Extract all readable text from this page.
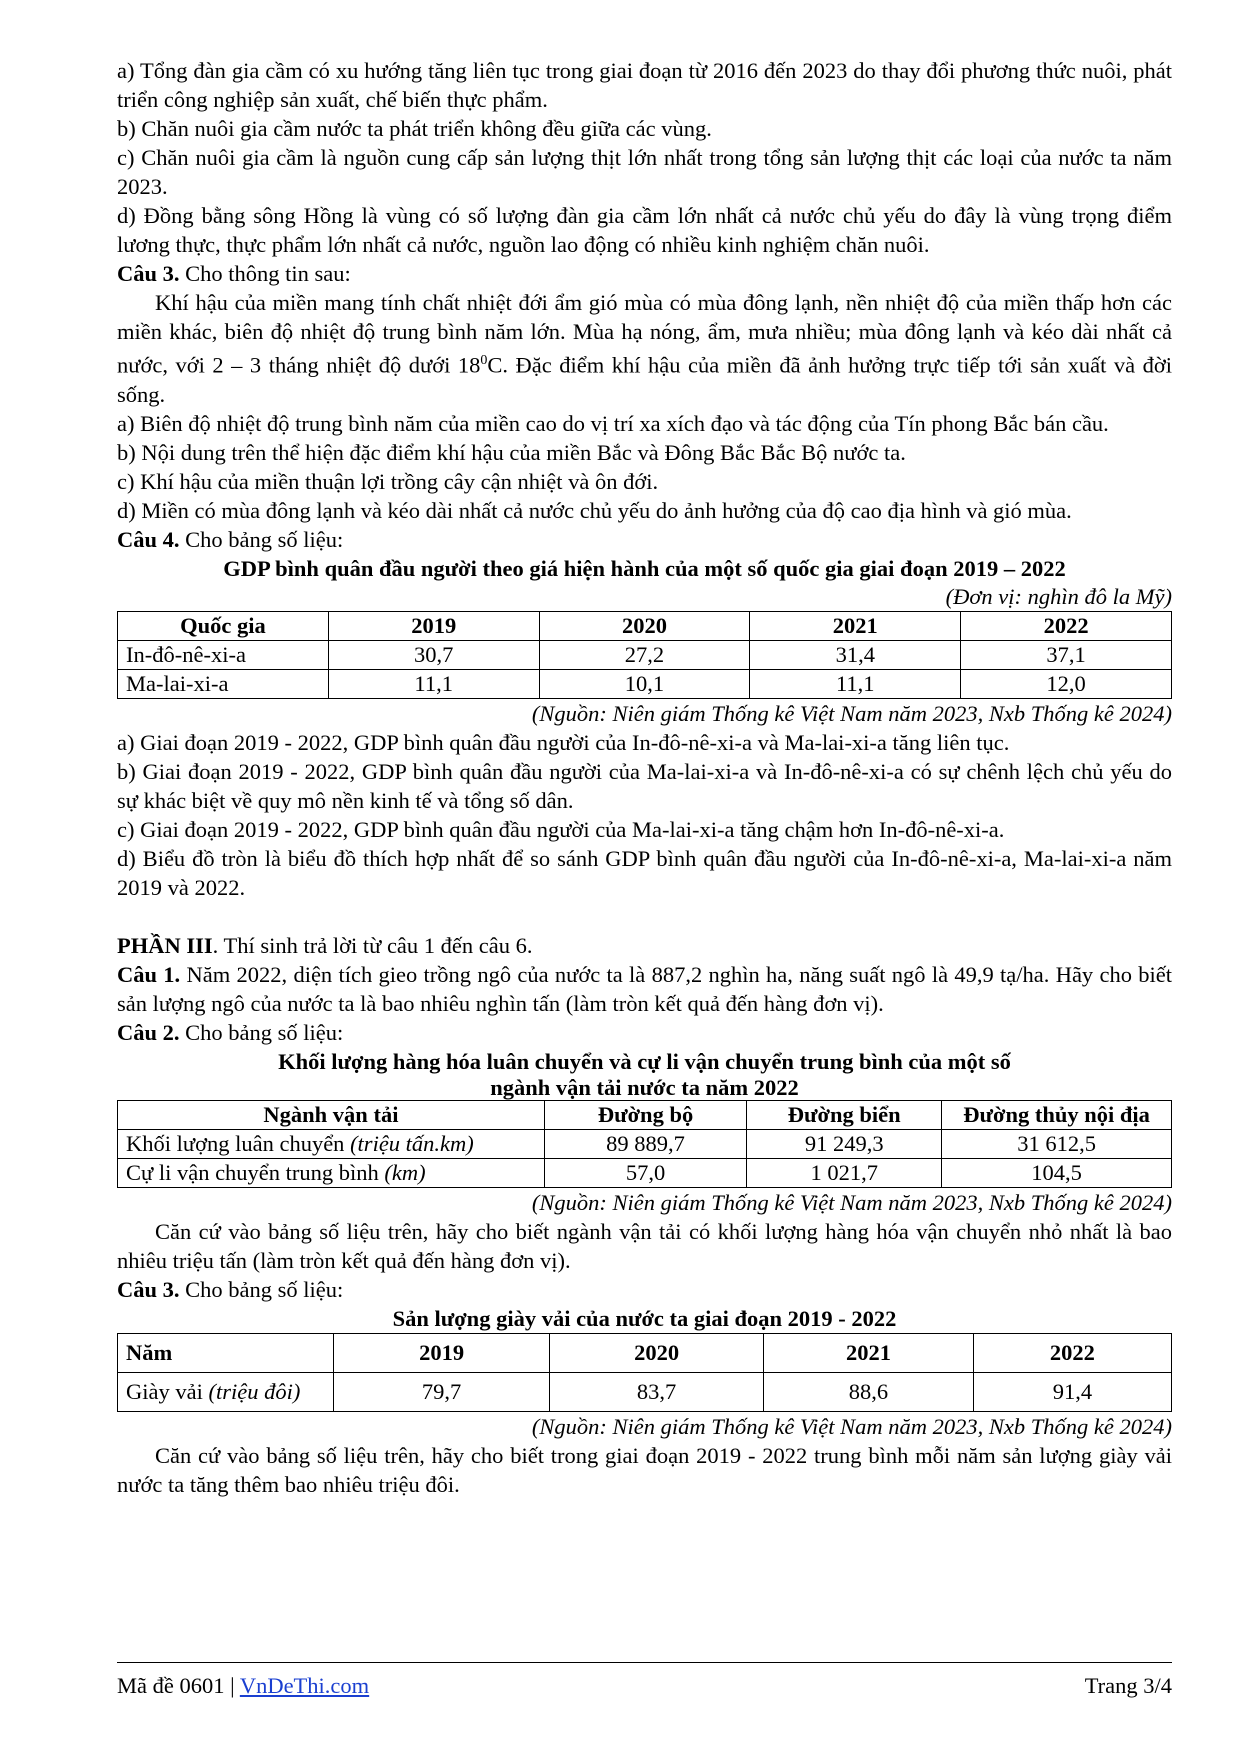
a) Tổng đàn gia cầm có xu hướng tăng liên tục trong giai đoạn từ 2016 đến 2023 do thay đổi phương thức nuôi, phát triển công nghiệp sản xuất, chế biến thực phẩm.

b) Chăn nuôi gia cầm nước ta phát triển không đều giữa các vùng.

c) Chăn nuôi gia cầm là nguồn cung cấp sản lượng thịt lớn nhất trong tổng sản lượng thịt các loại của nước ta năm 2023.

d) Đồng bằng sông Hồng là vùng có số lượng đàn gia cầm lớn nhất cả nước chủ yếu do đây là vùng trọng điểm lương thực, thực phẩm lớn nhất cả nước, nguồn lao động có nhiều kinh nghiệm chăn nuôi.

Câu 3. Cho thông tin sau:

Khí hậu của miền mang tính chất nhiệt đới ẩm gió mùa có mùa đông lạnh, nền nhiệt độ của miền thấp hơn các miền khác, biên độ nhiệt độ trung bình năm lớn. Mùa hạ nóng, ẩm, mưa nhiều; mùa đông lạnh và kéo dài nhất cả nước, với 2 – 3 tháng nhiệt độ dưới $18^0C$. Đặc điểm khí hậu của miền đã ảnh hưởng trực tiếp tới sản xuất và đời sống.

a) Biên độ nhiệt độ trung bình năm của miền cao do vị trí xa xích đạo và tác động của Tín phong Bắc bán cầu.

b) Nội dung trên thể hiện đặc điểm khí hậu của miền Bắc và Đông Bắc Bắc Bộ nước ta.

c) Khí hậu của miền thuận lợi trồng cây cận nhiệt và ôn đới.

d) Miền có mùa đông lạnh và kéo dài nhất cả nước chủ yếu do ảnh hưởng của độ cao địa hình và gió mùa.

Câu 4. Cho bảng số liệu:

GDP bình quân đầu người theo giá hiện hành của một số quốc gia giai đoạn 2019 – 2022
(Đơn vị: nghìn đô la Mỹ)
Quốc gia	2019	2020	2021	2022
In-đô-nê-xi-a	30,7	27,2	31,4	37,1
Ma-lai-xi-a	11,1	10,1	11,1	12,0
(Nguồn: Niên giám Thống kê Việt Nam năm 2023, Nxb Thống kê 2024)

a) Giai đoạn 2019 - 2022, GDP bình quân đầu người của In-đô-nê-xi-a và Ma-lai-xi-a tăng liên tục.

b) Giai đoạn 2019 - 2022, GDP bình quân đầu người của Ma-lai-xi-a và In-đô-nê-xi-a có sự chênh lệch chủ yếu do sự khác biệt về quy mô nền kinh tế và tổng số dân.

c) Giai đoạn 2019 - 2022, GDP bình quân đầu người của Ma-lai-xi-a tăng chậm hơn In-đô-nê-xi-a.

d) Biểu đồ tròn là biểu đồ thích hợp nhất để so sánh GDP bình quân đầu người của In-đô-nê-xi-a, Ma-lai-xi-a năm 2019 và 2022.

PHẦN III. Thí sinh trả lời từ câu 1 đến câu 6.

Câu 1. Năm 2022, diện tích gieo trồng ngô của nước ta là 887,2 nghìn ha, năng suất ngô là 49,9 tạ/ha. Hãy cho biết sản lượng ngô của nước ta là bao nhiêu nghìn tấn (làm tròn kết quả đến hàng đơn vị).

Câu 2. Cho bảng số liệu:

Khối lượng hàng hóa luân chuyển và cự li vận chuyển trung bình của một số
ngành vận tải nước ta năm 2022
Ngành vận tải	Đường bộ	Đường biển	Đường thủy nội địa
Khối lượng luân chuyển (triệu tấn.km)	89 889,7	91 249,3	31 612,5
Cự li vận chuyển trung bình (km)	57,0	1 021,7	104,5
(Nguồn: Niên giám Thống kê Việt Nam năm 2023, Nxb Thống kê 2024)

Căn cứ vào bảng số liệu trên, hãy cho biết ngành vận tải có khối lượng hàng hóa vận chuyển nhỏ nhất là bao nhiêu triệu tấn (làm tròn kết quả đến hàng đơn vị).

Câu 3. Cho bảng số liệu:

Sản lượng giày vải của nước ta giai đoạn 2019 - 2022
Năm	2019	2020	2021	2022
Giày vải (triệu đôi)	79,7	83,7	88,6	91,4
(Nguồn: Niên giám Thống kê Việt Nam năm 2023, Nxb Thống kê 2024)

Căn cứ vào bảng số liệu trên, hãy cho biết trong giai đoạn 2019 - 2022 trung bình mỗi năm sản lượng giày vải nước ta tăng thêm bao nhiêu triệu đôi.

Mã đề 0601 | VnDeThi.com	Trang 3/4
